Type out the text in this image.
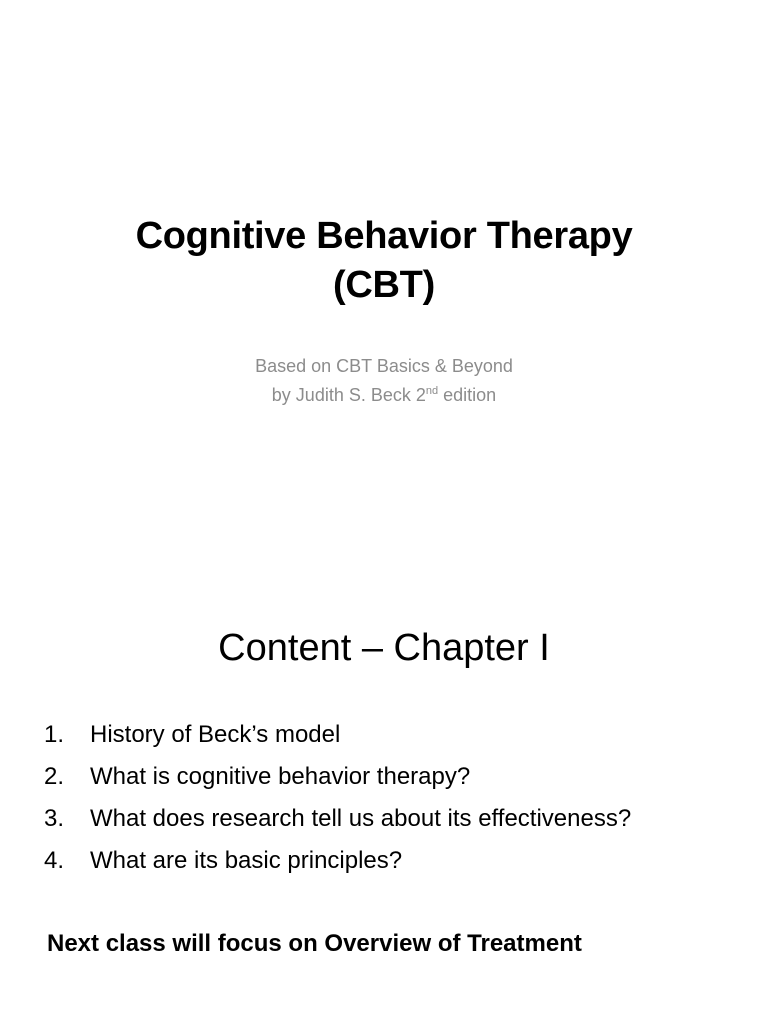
Cognitive Behavior Therapy
(CBT)
Based on CBT Basics & Beyond
by Judith S. Beck 2nd edition
Content – Chapter I
1. History of Beck’s model
2. What is cognitive behavior therapy?
3. What does research tell us about its effectiveness?
4. What are its basic principles?
Next class will focus on Overview of Treatment
